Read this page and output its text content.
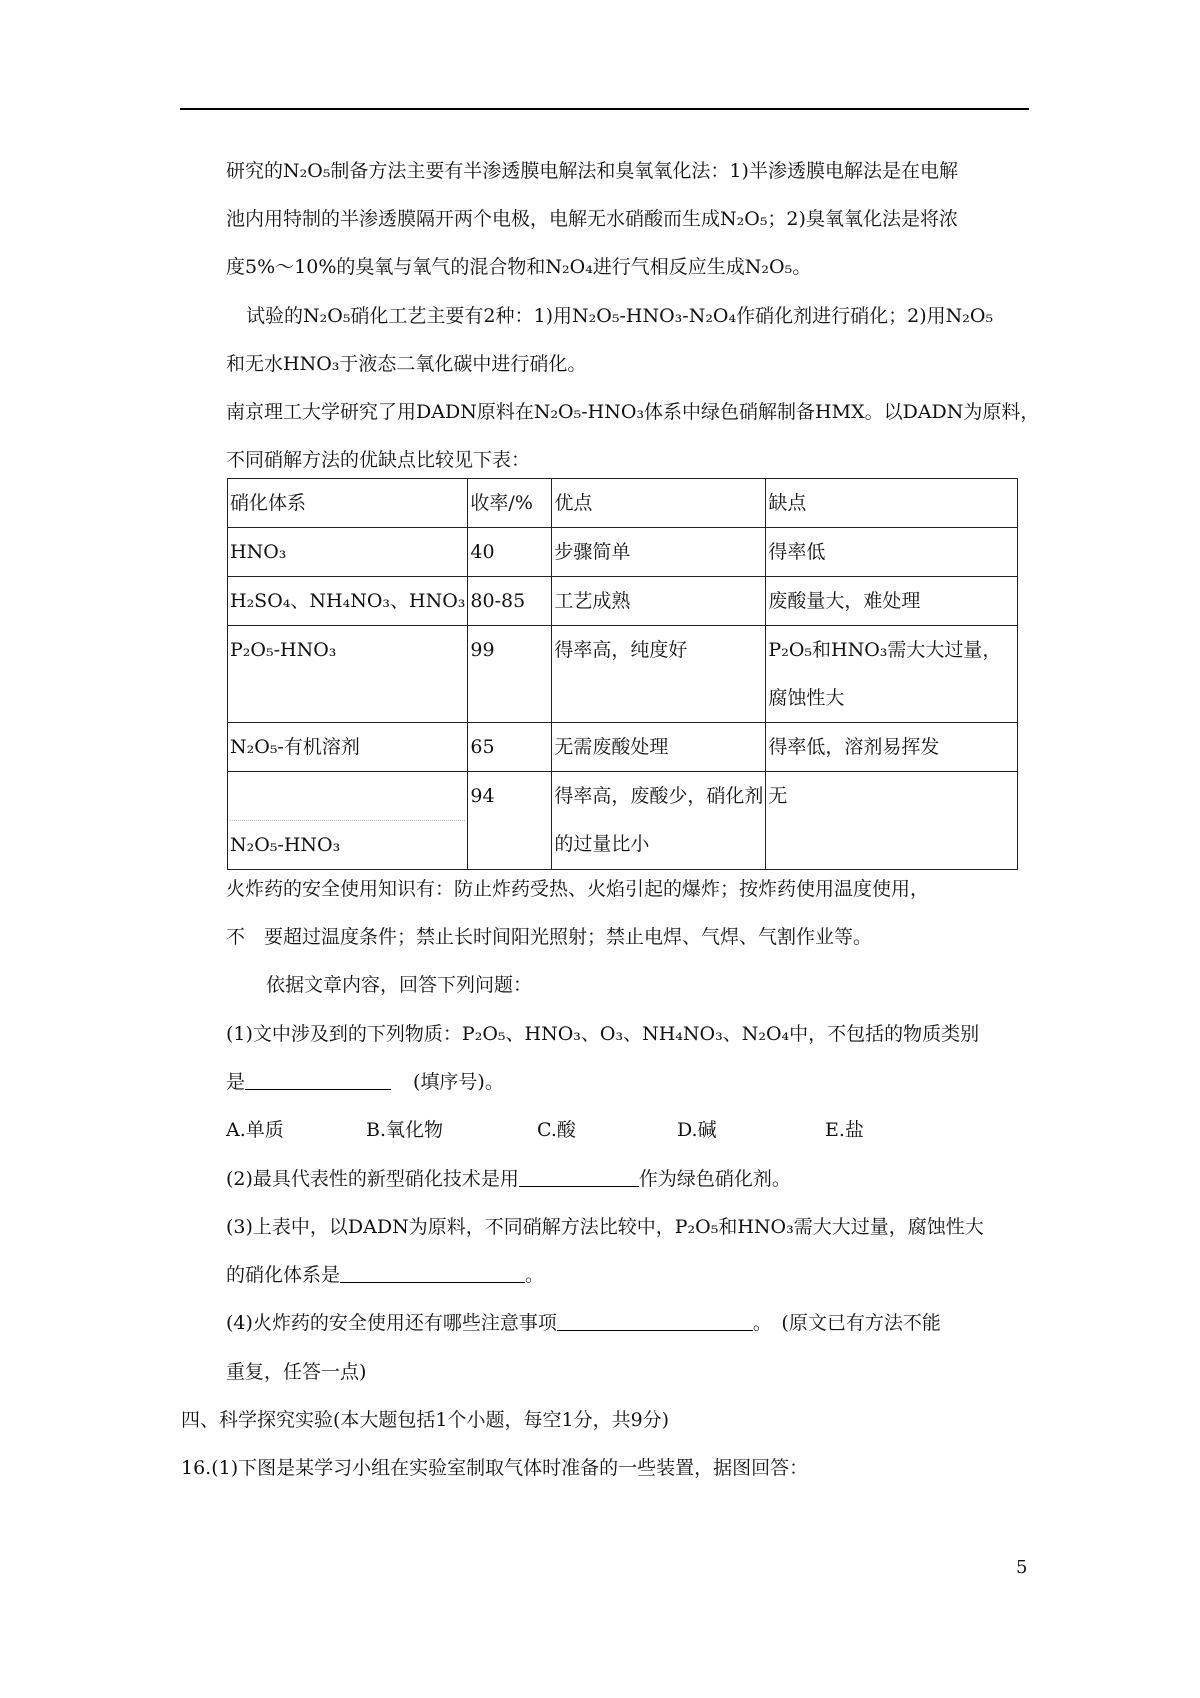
研究的N₂O₅制备方法主要有半渗透膜电解法和臭氧氧化法：1)半渗透膜电解法是在电解
池内用特制的半渗透膜隔开两个电极，电解无水硝酸而生成N₂O₅；2)臭氧氧化法是将浓
度5%～10%的臭氧与氧气的混合物和N₂O₄进行气相反应生成N₂O₅。
试验的N₂O₅硝化工艺主要有2种：1)用N₂O₅-HNO₃-N₂O₄作硝化剂进行硝化；2)用N₂O₅
和无水HNO₃于液态二氧化碳中进行硝化。
南京理工大学研究了用DADN原料在N₂O₅-HNO₃体系中绿色硝解制备HMX。以DADN为原料，
不同硝解方法的优缺点比较见下表：
硝化体系	收率/%	优点	缺点
HNO₃	40	步骤简单	得率低
H₂SO₄、NH₄NO₃、HNO₃	80-85	工艺成熟	废酸量大，难处理
P₂O₅-HNO₃	99	得率高，纯度好	P₂O₅和HNO₃需大大过量，腐蚀性大
N₂O₅-有机溶剂	65	无需废酸处理	得率低，溶剂易挥发

N₂O₅-HNO₃	94	得率高，废酸少，硝化剂的过量比小	无
火炸药的安全使用知识有：防止炸药受热、火焰引起的爆炸；按炸药使用温度使用，
不　要超过温度条件；禁止长时间阳光照射；禁止电焊、气焊、气割作业等。
依据文章内容，回答下列问题：
(1)文中涉及到的下列物质：P₂O₅、HNO₃、O₃、NH₄NO₃、N₂O₄中，不包括的物质类别
是	(填序号)。
A.单质	B.氧化物	C.酸	D.碱	E.盐
(2)最具代表性的新型硝化技术是用	作为绿色硝化剂。
(3)上表中，以DADN为原料，不同硝解方法比较中，P₂O₅和HNO₃需大大过量，腐蚀性大
的硝化体系是	。
(4)火炸药的安全使用还有哪些注意事项	。　(原文已有方法不能
重复，任答一点)
四、科学探究实验(本大题包括1个小题，每空1分，共9分)
16.(1)下图是某学习小组在实验室制取气体时准备的一些装置，据图回答：
5
